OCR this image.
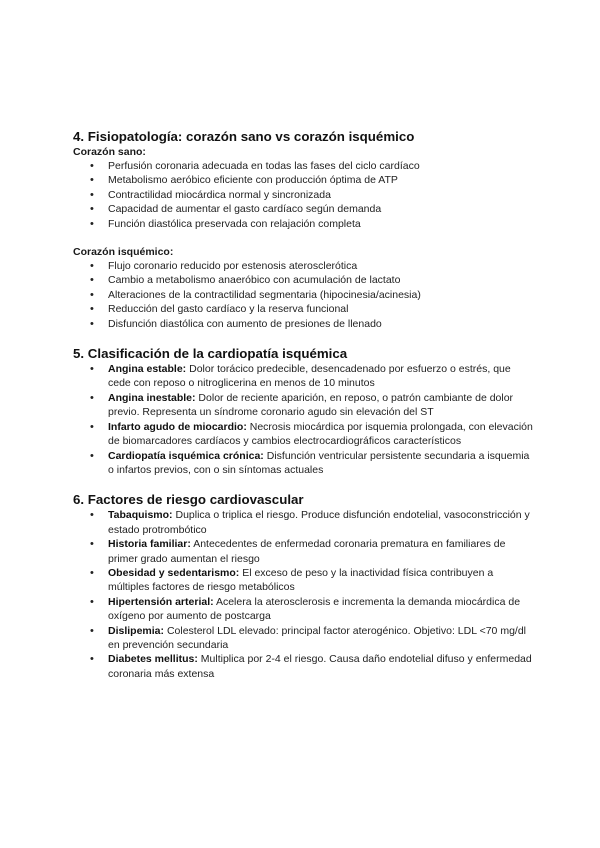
4. Fisiopatología: corazón sano vs corazón isquémico

Corazón sano:

• Perfusión coronaria adecuada en todas las fases del ciclo cardíaco
• Metabolismo aeróbico eficiente con producción óptima de ATP
• Contractilidad miocárdica normal y sincronizada
• Capacidad de aumentar el gasto cardíaco según demanda
• Función diastólica preservada con relajación completa

Corazón isquémico:

• Flujo coronario reducido por estenosis aterosclerótica
• Cambio a metabolismo anaeróbico con acumulación de lactato
• Alteraciones de la contractilidad segmentaria (hipocinesia/acinesia)
• Reducción del gasto cardíaco y la reserva funcional
• Disfunción diastólica con aumento de presiones de llenado
5. Clasificación de la cardiopatía isquémica
• Angina estable: Dolor torácico predecible, desencadenado por esfuerzo o estrés, que cede con reposo o nitroglicerina en menos de 10 minutos
• Angina inestable: Dolor de reciente aparición, en reposo, o patrón cambiante de dolor previo. Representa un síndrome coronario agudo sin elevación del ST
• Infarto agudo de miocardio: Necrosis miocárdica por isquemia prolongada, con elevación de biomarcadores cardíacos y cambios electrocardiográficos característicos
• Cardiopatía isquémica crónica: Disfunción ventricular persistente secundaria a isquemia o infartos previos, con o sin síntomas actuales
6. Factores de riesgo cardiovascular
• Tabaquismo: Duplica o triplica el riesgo. Produce disfunción endotelial, vasoconstricción y estado protrombótico
• Historia familiar: Antecedentes de enfermedad coronaria prematura en familiares de primer grado aumentan el riesgo
• Obesidad y sedentarismo: El exceso de peso y la inactividad física contribuyen a múltiples factores de riesgo metabólicos
• Hipertensión arterial: Acelera la aterosclerosis e incrementa la demanda miocárdica de oxígeno por aumento de postcarga
• Dislipemia: Colesterol LDL elevado: principal factor aterogénico. Objetivo: LDL <70 mg/dl en prevención secundaria
• Diabetes mellitus: Multiplica por 2-4 el riesgo. Causa daño endotelial difuso y enfermedad coronaria más extensa
